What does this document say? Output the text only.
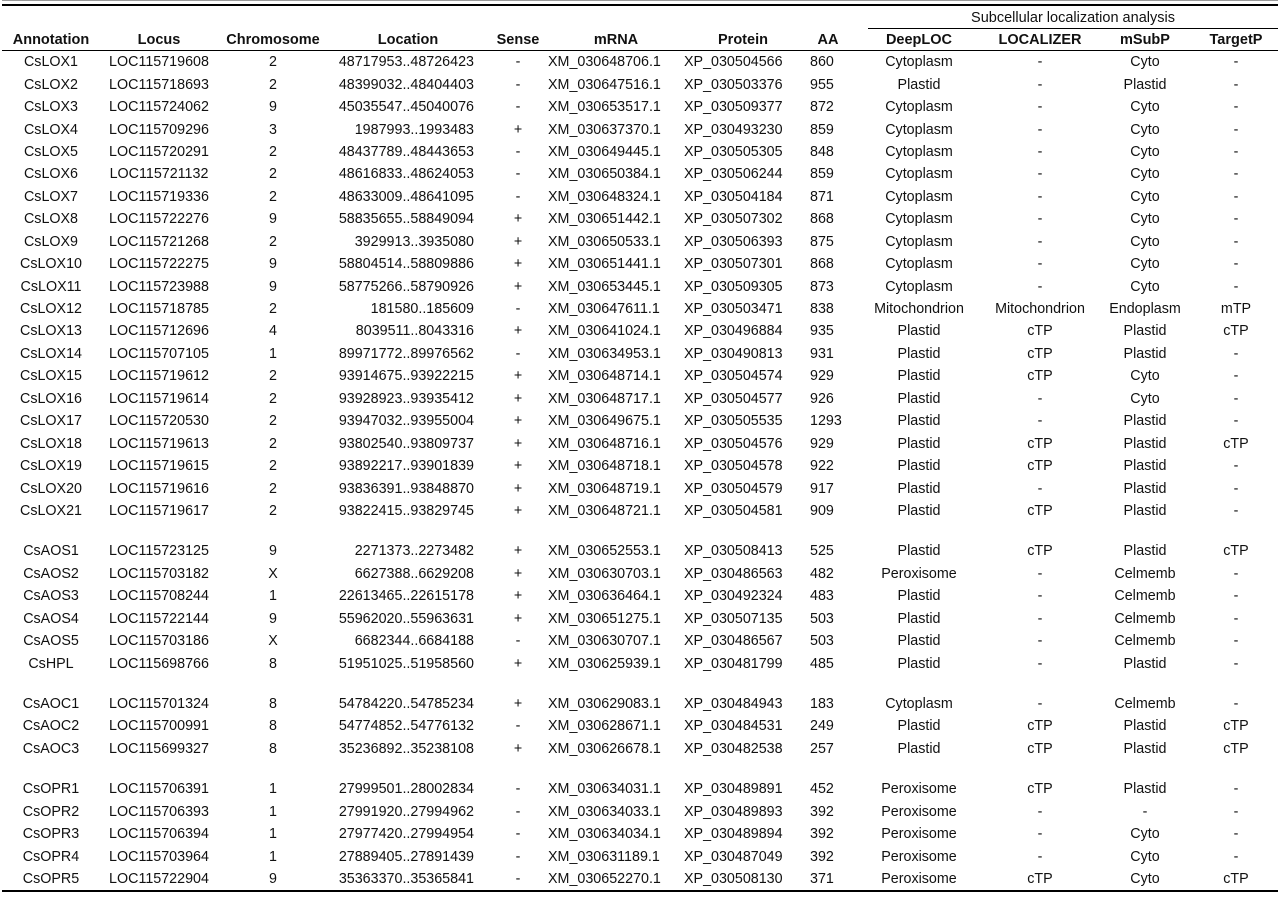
Subcellular localization analysis
Annotation	Locus	Chromosome	Location	Sense	mRNA	Protein	AA	DeepLOC	LOCALIZER	mSubP	TargetP
CsLOX1	LOC115719608	2	48717953..48726423	-	XM_030648706.1	XP_030504566	860	Cytoplasm	-	Cyto	-
CsLOX2	LOC115718693	2	48399032..48404403	-	XM_030647516.1	XP_030503376	955	Plastid	-	Plastid	-
CsLOX3	LOC115724062	9	45035547..45040076	-	XM_030653517.1	XP_030509377	872	Cytoplasm	-	Cyto	-
CsLOX4	LOC115709296	3	1987993..1993483	+	XM_030637370.1	XP_030493230	859	Cytoplasm	-	Cyto	-
CsLOX5	LOC115720291	2	48437789..48443653	-	XM_030649445.1	XP_030505305	848	Cytoplasm	-	Cyto	-
CsLOX6	LOC115721132	2	48616833..48624053	-	XM_030650384.1	XP_030506244	859	Cytoplasm	-	Cyto	-
CsLOX7	LOC115719336	2	48633009..48641095	-	XM_030648324.1	XP_030504184	871	Cytoplasm	-	Cyto	-
CsLOX8	LOC115722276	9	58835655..58849094	+	XM_030651442.1	XP_030507302	868	Cytoplasm	-	Cyto	-
CsLOX9	LOC115721268	2	3929913..3935080	+	XM_030650533.1	XP_030506393	875	Cytoplasm	-	Cyto	-
CsLOX10	LOC115722275	9	58804514..58809886	+	XM_030651441.1	XP_030507301	868	Cytoplasm	-	Cyto	-
CsLOX11	LOC115723988	9	58775266..58790926	+	XM_030653445.1	XP_030509305	873	Cytoplasm	-	Cyto	-
CsLOX12	LOC115718785	2	181580..185609	-	XM_030647611.1	XP_030503471	838	Mitochondrion	Mitochondrion	Endoplasm	mTP
CsLOX13	LOC115712696	4	8039511..8043316	+	XM_030641024.1	XP_030496884	935	Plastid	cTP	Plastid	cTP
CsLOX14	LOC115707105	1	89971772..89976562	-	XM_030634953.1	XP_030490813	931	Plastid	cTP	Plastid	-
CsLOX15	LOC115719612	2	93914675..93922215	+	XM_030648714.1	XP_030504574	929	Plastid	cTP	Cyto	-
CsLOX16	LOC115719614	2	93928923..93935412	+	XM_030648717.1	XP_030504577	926	Plastid	-	Cyto	-
CsLOX17	LOC115720530	2	93947032..93955004	+	XM_030649675.1	XP_030505535	1293	Plastid	-	Plastid	-
CsLOX18	LOC115719613	2	93802540..93809737	+	XM_030648716.1	XP_030504576	929	Plastid	cTP	Plastid	cTP
CsLOX19	LOC115719615	2	93892217..93901839	+	XM_030648718.1	XP_030504578	922	Plastid	cTP	Plastid	-
CsLOX20	LOC115719616	2	93836391..93848870	+	XM_030648719.1	XP_030504579	917	Plastid	-	Plastid	-
CsLOX21	LOC115719617	2	93822415..93829745	+	XM_030648721.1	XP_030504581	909	Plastid	cTP	Plastid	-

CsAOS1	LOC115723125	9	2271373..2273482	+	XM_030652553.1	XP_030508413	525	Plastid	cTP	Plastid	cTP
CsAOS2	LOC115703182	X	6627388..6629208	+	XM_030630703.1	XP_030486563	482	Peroxisome	-	Celmemb	-
CsAOS3	LOC115708244	1	22613465..22615178	+	XM_030636464.1	XP_030492324	483	Plastid	-	Celmemb	-
CsAOS4	LOC115722144	9	55962020..55963631	+	XM_030651275.1	XP_030507135	503	Plastid	-	Celmemb	-
CsAOS5	LOC115703186	X	6682344..6684188	-	XM_030630707.1	XP_030486567	503	Plastid	-	Celmemb	-
CsHPL	LOC115698766	8	51951025..51958560	+	XM_030625939.1	XP_030481799	485	Plastid	-	Plastid	-

CsAOC1	LOC115701324	8	54784220..54785234	+	XM_030629083.1	XP_030484943	183	Cytoplasm	-	Celmemb	-
CsAOC2	LOC115700991	8	54774852..54776132	-	XM_030628671.1	XP_030484531	249	Plastid	cTP	Plastid	cTP
CsAOC3	LOC115699327	8	35236892..35238108	+	XM_030626678.1	XP_030482538	257	Plastid	cTP	Plastid	cTP

CsOPR1	LOC115706391	1	27999501..28002834	-	XM_030634031.1	XP_030489891	452	Peroxisome	cTP	Plastid	-
CsOPR2	LOC115706393	1	27991920..27994962	-	XM_030634033.1	XP_030489893	392	Peroxisome	-	-	-
CsOPR3	LOC115706394	1	27977420..27994954	-	XM_030634034.1	XP_030489894	392	Peroxisome	-	Cyto	-
CsOPR4	LOC115703964	1	27889405..27891439	-	XM_030631189.1	XP_030487049	392	Peroxisome	-	Cyto	-
CsOPR5	LOC115722904	9	35363370..35365841	-	XM_030652270.1	XP_030508130	371	Peroxisome	cTP	Cyto	cTP
